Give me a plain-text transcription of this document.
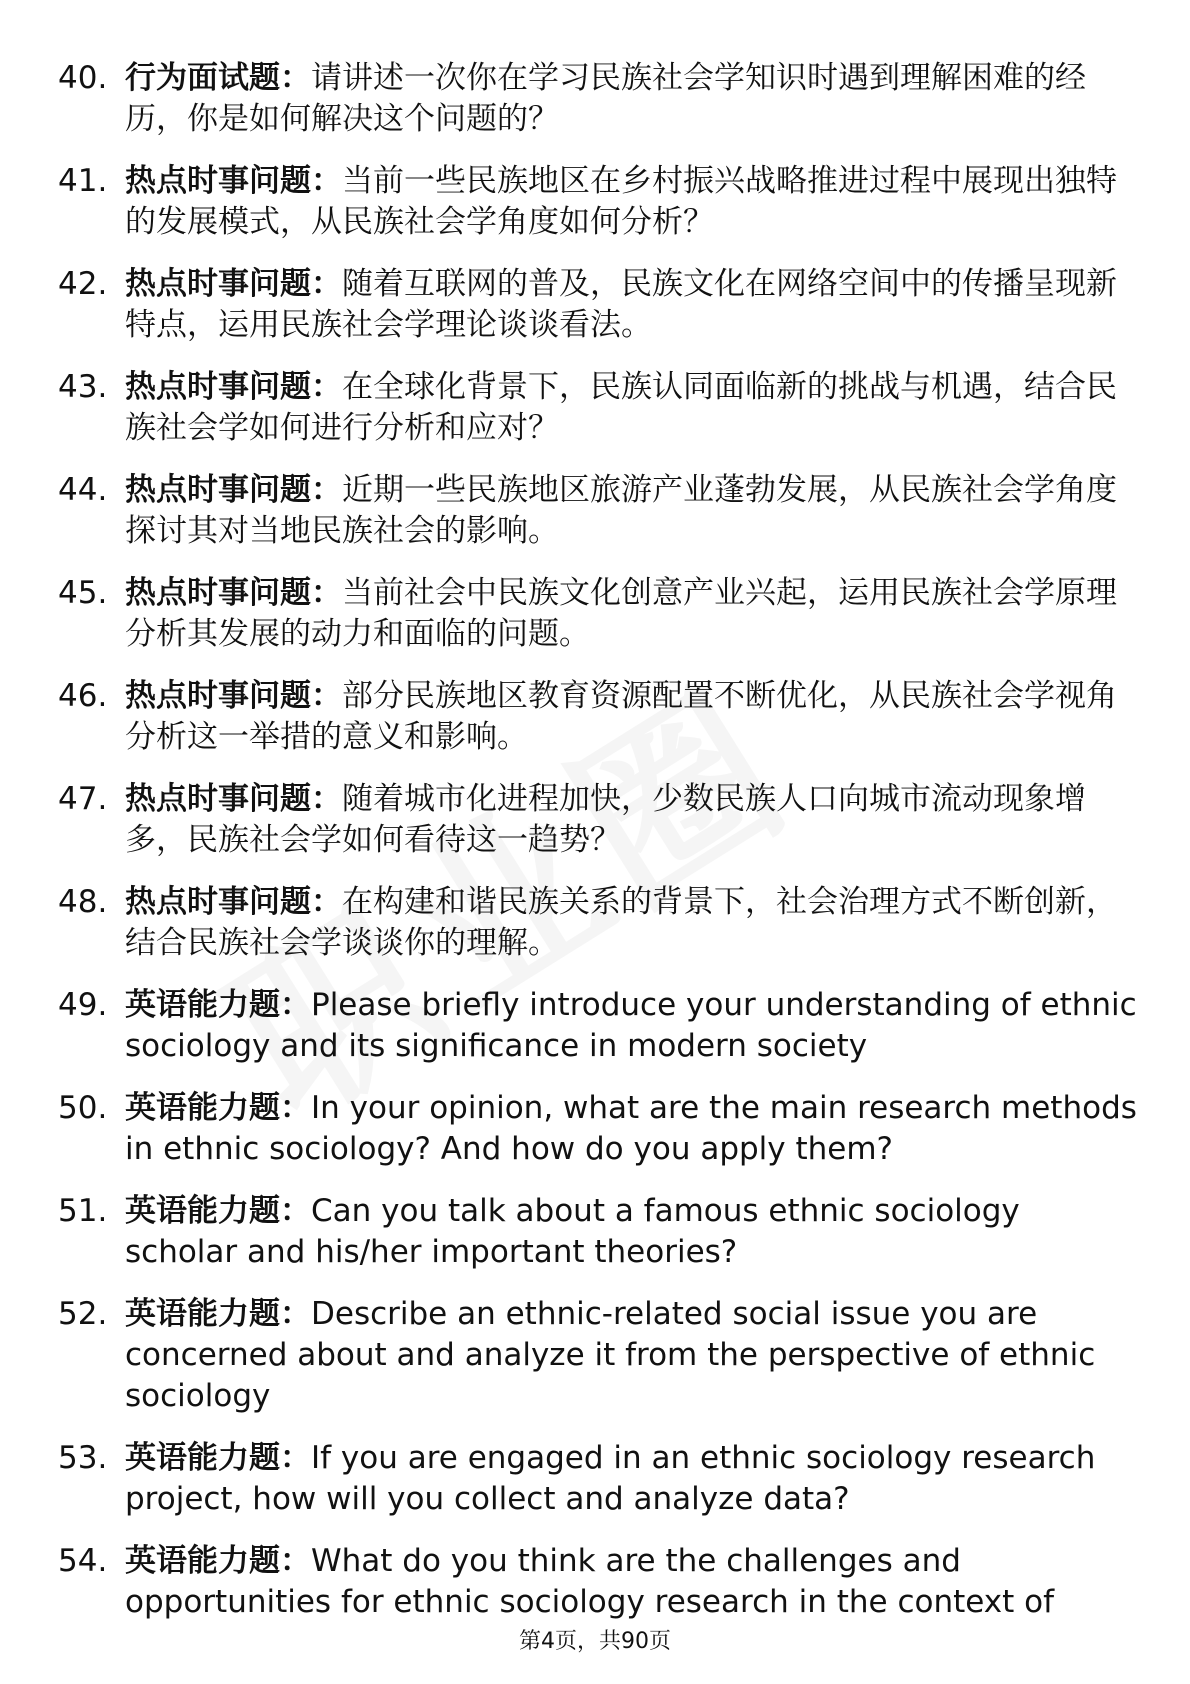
40. 行为面试题：请讲述一次你在学习民族社会学知识时遇到理解困难的经历，你是如何解决这个问题的？
41. 热点时事问题：当前一些民族地区在乡村振兴战略推进过程中展现出独特的发展模式，从民族社会学角度如何分析？
42. 热点时事问题：随着互联网的普及，民族文化在网络空间中的传播呈现新特点，运用民族社会学理论谈谈看法。
43. 热点时事问题：在全球化背景下，民族认同面临新的挑战与机遇，结合民族社会学如何进行分析和应对？
44. 热点时事问题：近期一些民族地区旅游产业蓬勃发展，从民族社会学角度探讨其对当地民族社会的影响。
45. 热点时事问题：当前社会中民族文化创意产业兴起，运用民族社会学原理分析其发展的动力和面临的问题。
46. 热点时事问题：部分民族地区教育资源配置不断优化，从民族社会学视角分析这一举措的意义和影响。
47. 热点时事问题：随着城市化进程加快，少数民族人口向城市流动现象增多，民族社会学如何看待这一趋势？
48. 热点时事问题：在构建和谐民族关系的背景下，社会治理方式不断创新，结合民族社会学谈谈你的理解。
49. 英语能力题：Please briefly introduce your understanding of ethnic sociology and its significance in modern society
50. 英语能力题：In your opinion, what are the main research methods in ethnic sociology? And how do you apply them?
51. 英语能力题：Can you talk about a famous ethnic sociology scholar and his/her important theories?
52. 英语能力题：Describe an ethnic-related social issue you are concerned about and analyze it from the perspective of ethnic sociology
53. 英语能力题：If you are engaged in an ethnic sociology research project, how will you collect and analyze data?
54. 英语能力题：What do you think are the challenges and opportunities for ethnic sociology research in the context of
第4页，共90页
